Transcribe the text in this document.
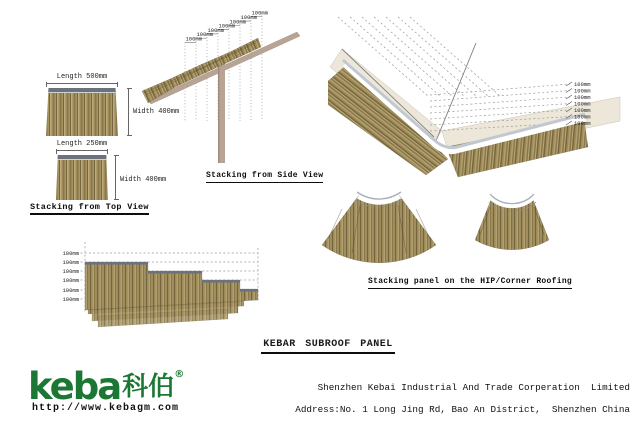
Length 500mm
Width 400mm
Length 250mm
Width 400mm
Stacking from Top View
100mm
100mm
100mm
100mm
100mm
100mm
100mm
Stacking from Side View
100mm
100mm
100mm
100mm
100mm
100mm
100mm
Stacking panel on the HIP/Corner Roofing
100mm
100mm
100mm
100mm
100mm
100mm
KEBAR SUBROOF PANEL
keba科伯®
http://www.kebagm.com
Shenzhen Kebai Industrial And Trade Corperation  Limited
Address:No. 1 Long Jing Rd, Bao An District,  Shenzhen China
